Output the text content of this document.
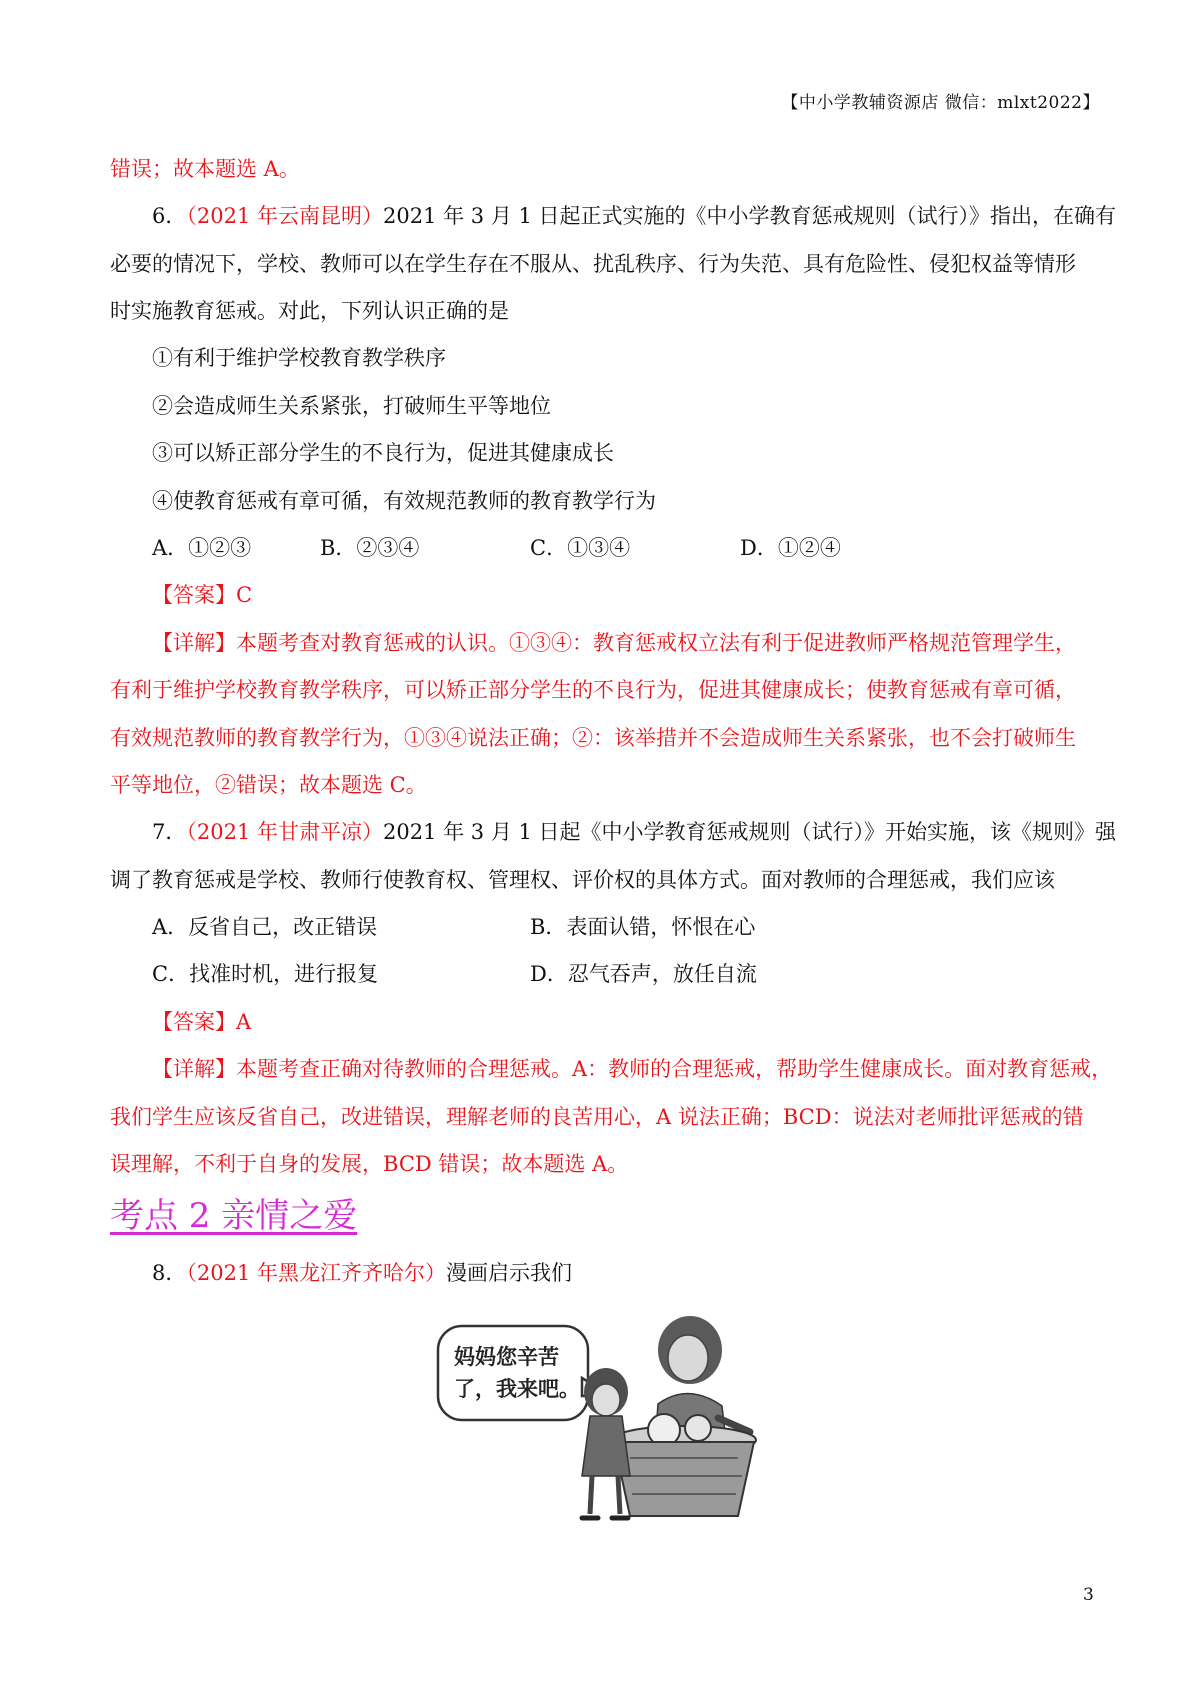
【中小学教辅资源店 微信：mlxt2022】
错误；故本题选 A。
6．（2021 年云南昆明）2021 年 3 月 1 日起正式实施的《中小学教育惩戒规则（试行）》指出，在确有
必要的情况下，学校、教师可以在学生存在不服从、扰乱秩序、行为失范、具有危险性、侵犯权益等情形
时实施教育惩戒。对此，下列认识正确的是
①有利于维护学校教育教学秩序
②会造成师生关系紧张，打破师生平等地位
③可以矫正部分学生的不良行为，促进其健康成长
④使教育惩戒有章可循，有效规范教师的教育教学行为
A．①②③	B．②③④	C．①③④	D．①②④
【答案】C
【详解】本题考查对教育惩戒的认识。①③④：教育惩戒权立法有利于促进教师严格规范管理学生，
有利于维护学校教育教学秩序，可以矫正部分学生的不良行为，促进其健康成长；使教育惩戒有章可循，
有效规范教师的教育教学行为，①③④说法正确；②：该举措并不会造成师生关系紧张，也不会打破师生
平等地位，②错误；故本题选 C。
7．（2021 年甘肃平凉）2021 年 3 月 1 日起《中小学教育惩戒规则（试行）》开始实施，该《规则》强
调了教育惩戒是学校、教师行使教育权、管理权、评价权的具体方式。面对教师的合理惩戒，我们应该
A．反省自己，改正错误	B．表面认错，怀恨在心
C．找准时机，进行报复	D．忍气吞声，放任自流
【答案】A
【详解】本题考查正确对待教师的合理惩戒。A：教师的合理惩戒，帮助学生健康成长。面对教育惩戒，
我们学生应该反省自己，改进错误，理解老师的良苦用心，A 说法正确；BCD：说法对老师批评惩戒的错
误理解，不利于自身的发展，BCD 错误；故本题选 A。
考点 2 亲情之爱
8．（2021 年黑龙江齐齐哈尔）漫画启示我们
妈妈您辛苦
了，我来吧。
3
